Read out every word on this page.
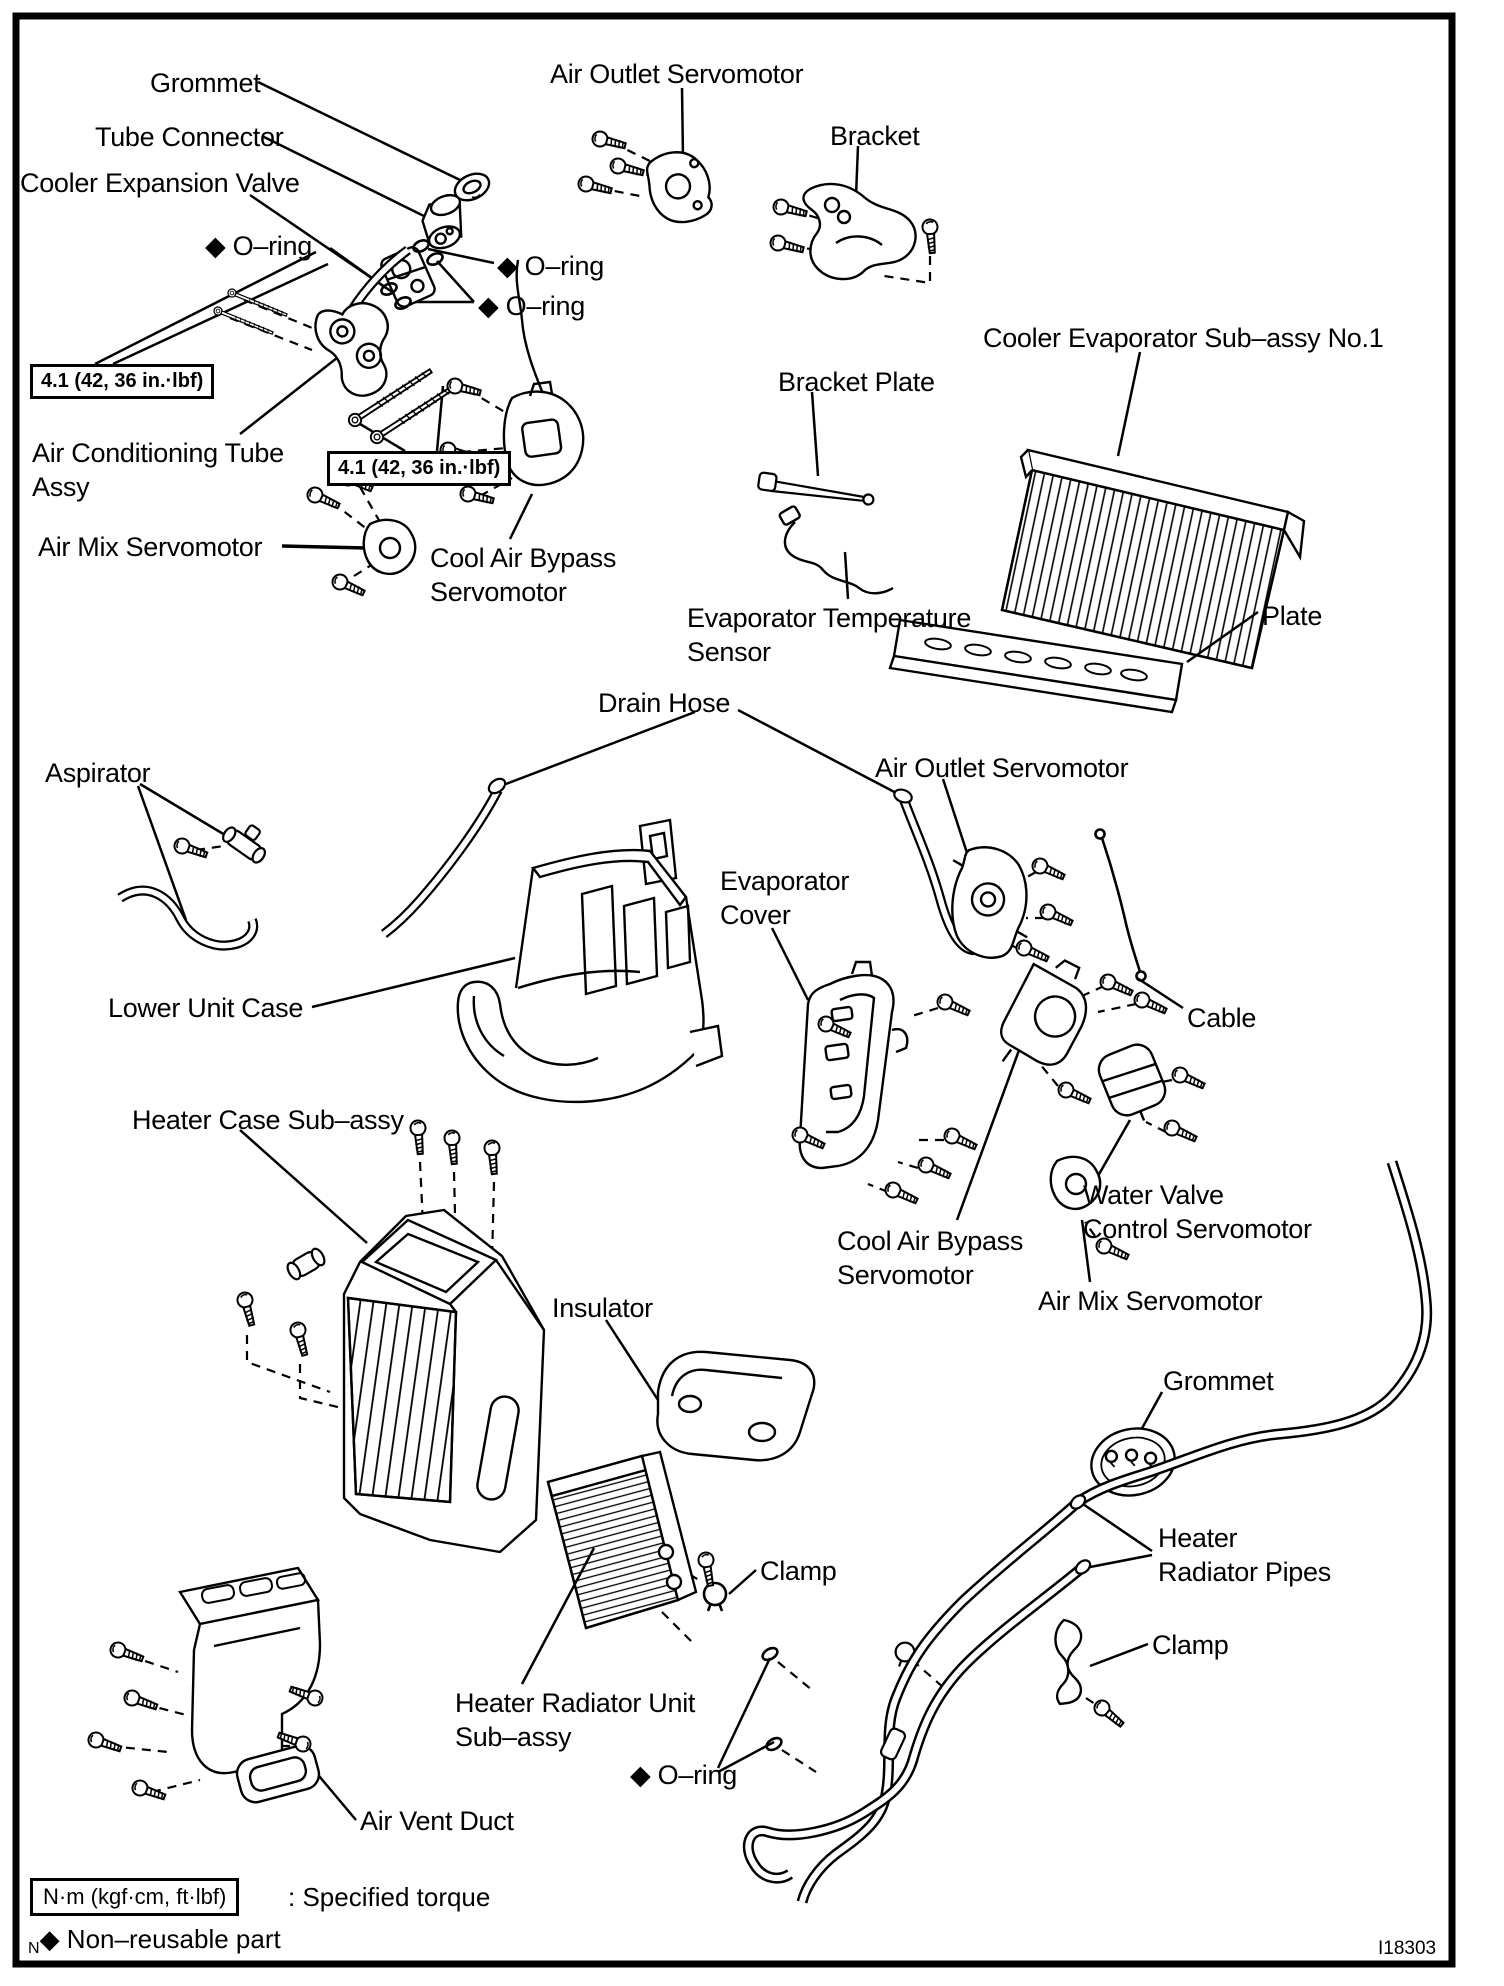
Grommet
Tube Connector
Cooler Expansion Valve
◆ O–ring
◆ O–ring
◆ O–ring
Air Outlet Servomotor
Bracket
Cooler Evaporator Sub–assy No.1
Air Conditioning Tube
Assy
Air Mix Servomotor	Cool Air Bypass
Servomotor
Bracket Plate
Evaporator Temperature
Sensor
Plate
Drain Hose
Aspirator	Air Outlet Servomotor
Evaporator
Cover
Lower Unit Case	Cable
Heater Case Sub–assy
Cool Air Bypass
Servomotor
Water Valve
Control Servomotor
Air Mix Servomotor
Insulator
Grommet
Heater
Radiator Pipes
Clamp
Clamp
Heater Radiator Unit
Sub–assy
◆ O–ring
Air Vent Duct
4.1 (42, 36 in.·lbf)
4.1 (42, 36 in.·lbf)
N·m (kgf·cm, ft·lbf)	: Specified torque
N◆ Non–reusable part	I18303
